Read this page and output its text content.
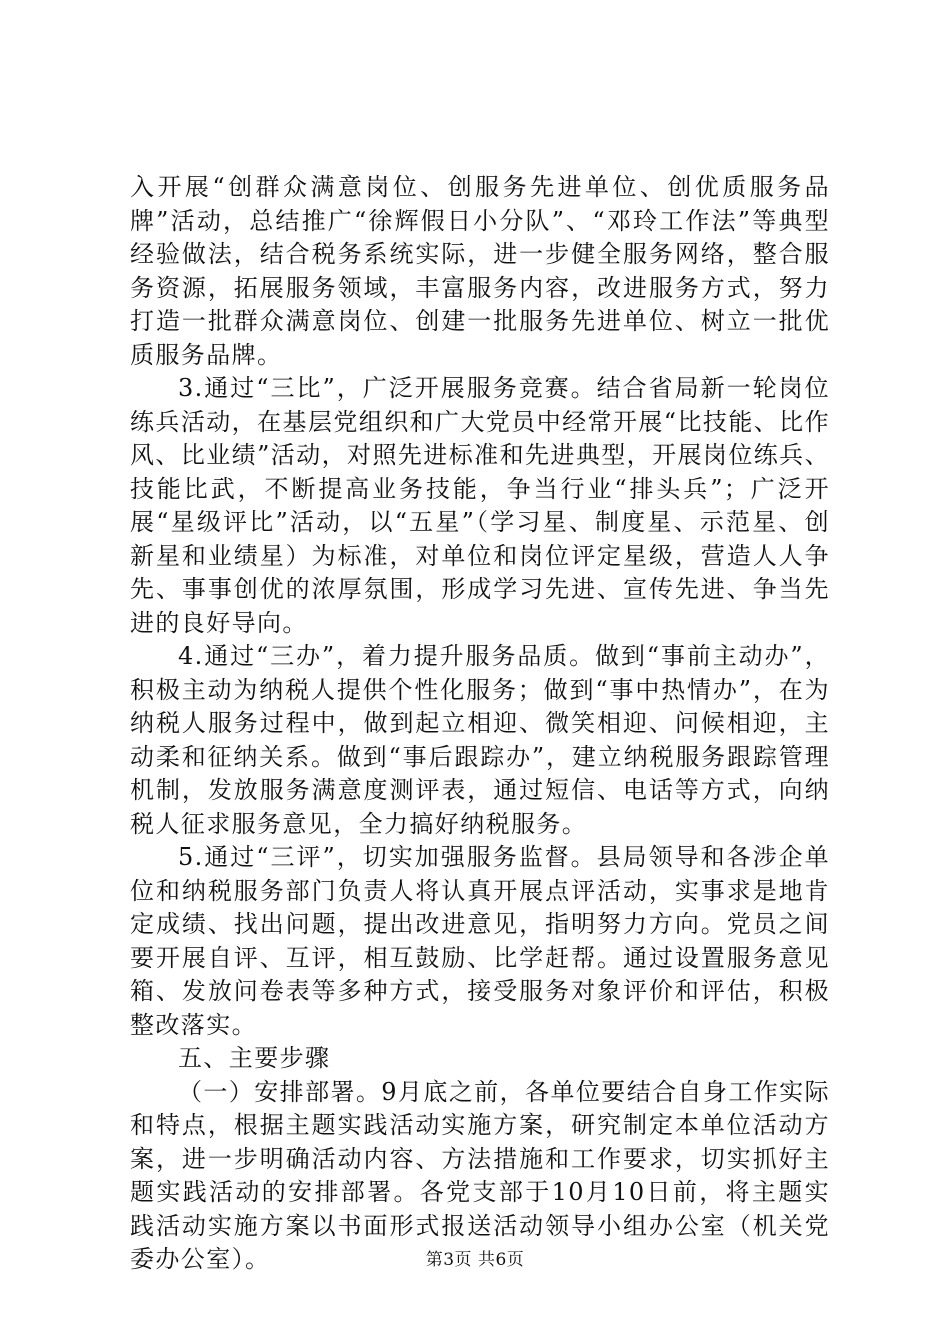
入开展“创群众满意岗位、创服务先进单位、创优质服务品牌”活动，总结推广“徐辉假日小分队”、“邓玲工作法”等典型经验做法，结合税务系统实际，进一步健全服务网络，整合服务资源，拓展服务领域，丰富服务内容，改进服务方式，努力打造一批群众满意岗位、创建一批服务先进单位、树立一批优质服务品牌。

3.通过“三比”，广泛开展服务竞赛。结合省局新一轮岗位练兵活动，在基层党组织和广大党员中经常开展“比技能、比作风、比业绩”活动，对照先进标准和先进典型，开展岗位练兵、技能比武，不断提高业务技能，争当行业“排头兵”；广泛开展“星级评比”活动，以“五星”（学习星、制度星、示范星、创新星和业绩星）为标准，对单位和岗位评定星级，营造人人争先、事事创优的浓厚氛围，形成学习先进、宣传先进、争当先进的良好导向。

4.通过“三办”，着力提升服务品质。做到“事前主动办”，积极主动为纳税人提供个性化服务；做到“事中热情办”，在为纳税人服务过程中，做到起立相迎、微笑相迎、问候相迎，主动柔和征纳关系。做到“事后跟踪办”，建立纳税服务跟踪管理机制，发放服务满意度测评表，通过短信、电话等方式，向纳税人征求服务意见，全力搞好纳税服务。

5.通过“三评”，切实加强服务监督。县局领导和各涉企单位和纳税服务部门负责人将认真开展点评活动，实事求是地肯定成绩、找出问题，提出改进意见，指明努力方向。党员之间要开展自评、互评，相互鼓励、比学赶帮。通过设置服务意见箱、发放问卷表等多种方式，接受服务对象评价和评估，积极整改落实。

五、主要步骤

（一）安排部署。9月底之前，各单位要结合自身工作实际和特点，根据主题实践活动实施方案，研究制定本单位活动方案，进一步明确活动内容、方法措施和工作要求，切实抓好主题实践活动的安排部署。各党支部于10月10日前，将主题实践活动实施方案以书面形式报送活动领导小组办公室（机关党委办公室）。	第3页 共6页
